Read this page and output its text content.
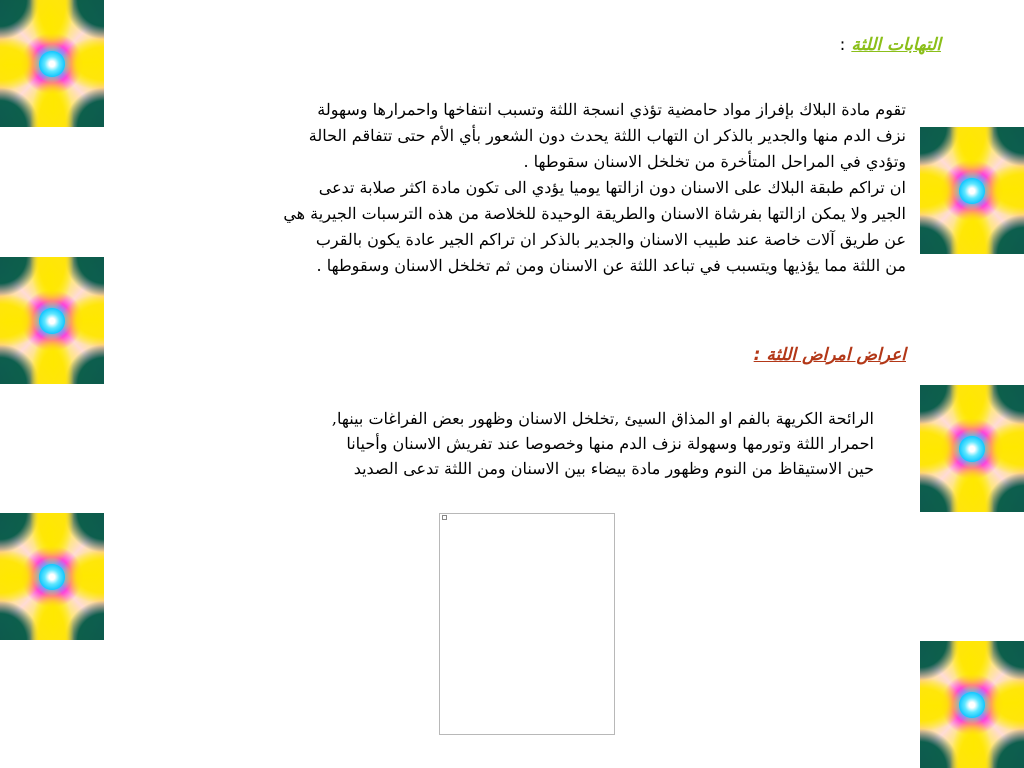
التهابات اللثة :
تقوم مادة البلاك بإفراز مواد حامضية تؤذي انسجة اللثة وتسبب انتفاخها واحمرارها وسهولة
نزف الدم منها والجدير بالذكر ان التهاب اللثة يحدث دون الشعور بأي الأم حتى تتفاقم الحالة
وتؤدي في المراحل المتأخرة من تخلخل الاسنان سقوطها .
ان تراكم طبقة البلاك على الاسنان دون ازالتها يوميا يؤدي الى تكون مادة اكثر صلابة تدعى
الجير ولا يمكن ازالتها بفرشاة الاسنان والطريقة الوحيدة للخلاصة من هذه الترسبات الجيرية هي
عن طريق آلات خاصة عند طبيب الاسنان والجدير بالذكر ان تراكم الجير عادة يكون بالقرب
من اللثة مما يؤذيها ويتسبب في تباعد اللثة عن الاسنان ومن ثم تخلخل الاسنان وسقوطها .
اعراض امراض اللثة :
الرائحة الكريهة بالفم او المذاق السيئ ,تخلخل الاسنان وظهور بعض الفراغات بينها,
احمرار اللثة وتورمها وسهولة نزف الدم منها وخصوصا عند تفريش الاسنان وأحيانا
حين الاستيقاظ من النوم وظهور مادة بيضاء بين الاسنان ومن اللثة تدعى الصديد
